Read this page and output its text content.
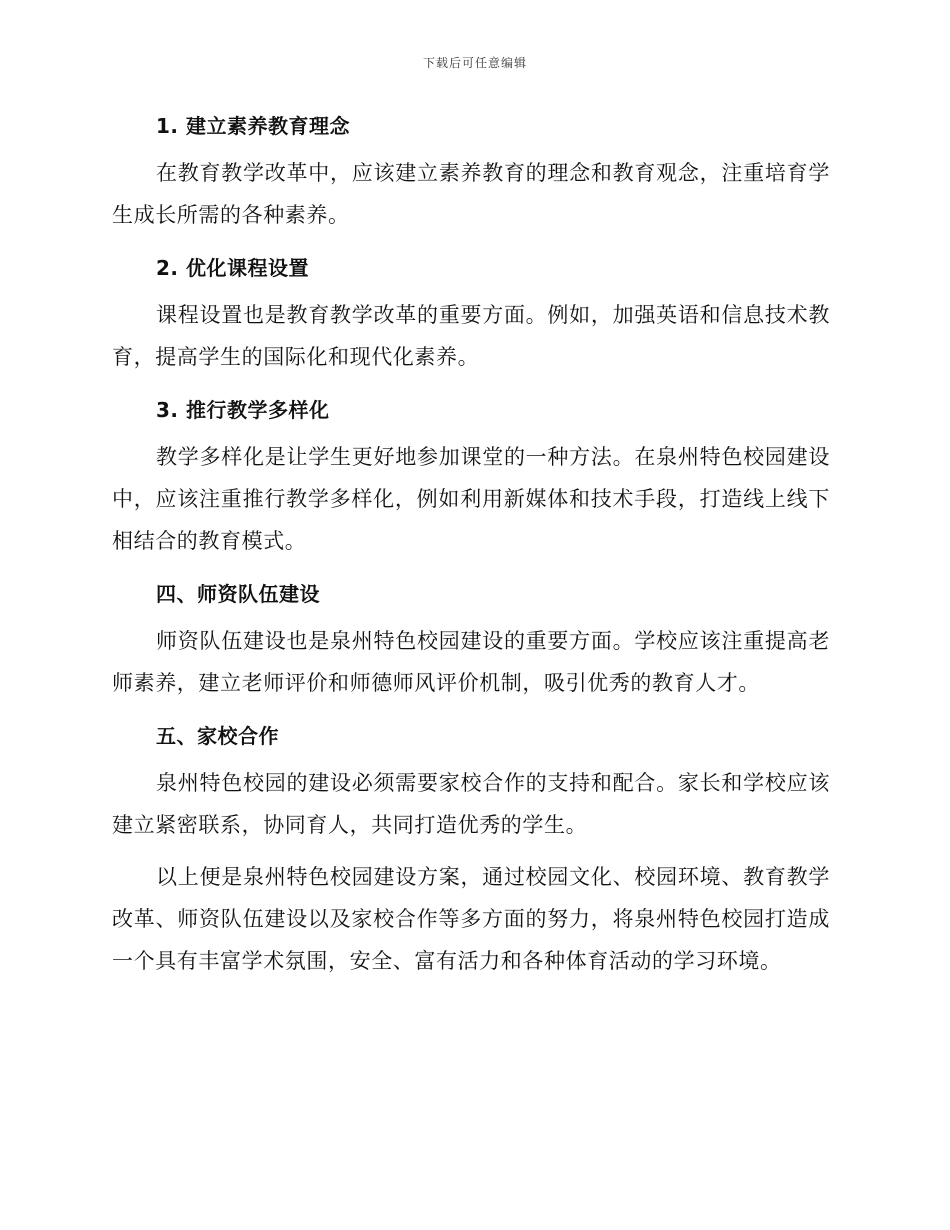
下载后可任意编辑
1. 建立素养教育理念

在教育教学改革中，应该建立素养教育的理念和教育观念，注重培育学生成长所需的各种素养。

2. 优化课程设置

课程设置也是教育教学改革的重要方面。例如，加强英语和信息技术教育，提高学生的国际化和现代化素养。

3. 推行教学多样化

教学多样化是让学生更好地参加课堂的一种方法。在泉州特色校园建设中，应该注重推行教学多样化，例如利用新媒体和技术手段，打造线上线下相结合的教育模式。

四、师资队伍建设

师资队伍建设也是泉州特色校园建设的重要方面。学校应该注重提高老师素养，建立老师评价和师德师风评价机制，吸引优秀的教育人才。

五、家校合作

泉州特色校园的建设必须需要家校合作的支持和配合。家长和学校应该建立紧密联系，协同育人，共同打造优秀的学生。

以上便是泉州特色校园建设方案，通过校园文化、校园环境、教育教学改革、师资队伍建设以及家校合作等多方面的努力，将泉州特色校园打造成一个具有丰富学术氛围，安全、富有活力和各种体育活动的学习环境。
